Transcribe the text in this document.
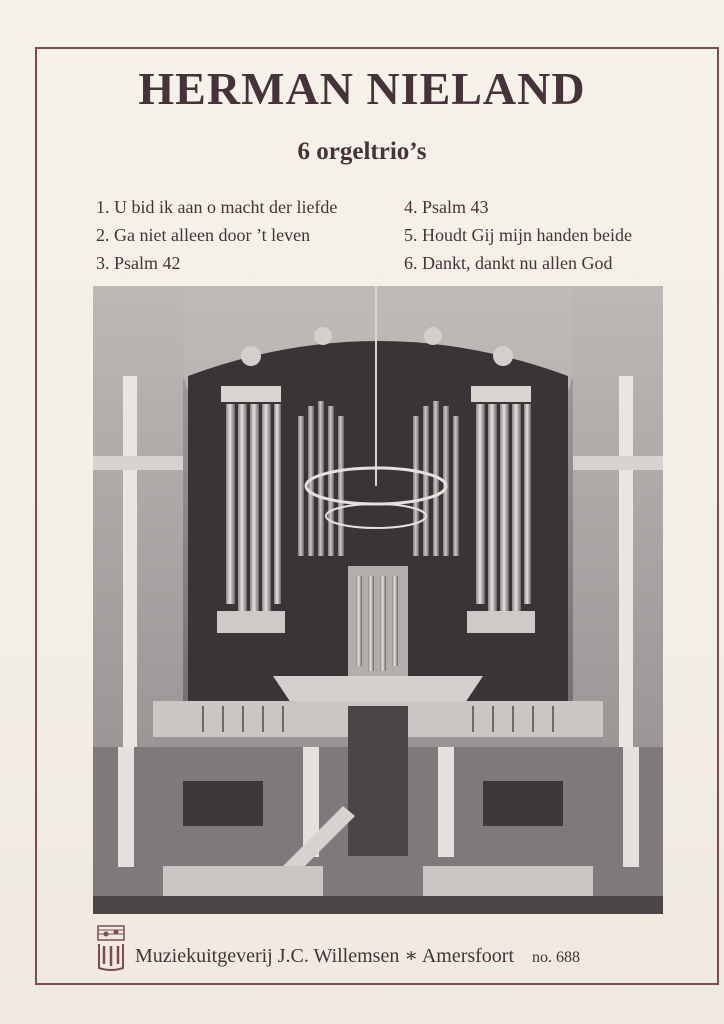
HERMAN NIELAND
6 orgeltrio’s
1. U bid ik aan o macht der liefde
2. Ga niet alleen door ’t leven
3. Psalm 42
4. Psalm 43
5. Houdt Gij mijn handen beide
6. Dankt, dankt nu allen God
Muziekuitgeverij J.C. Willemsen ∗ Amersfoort no. 688
